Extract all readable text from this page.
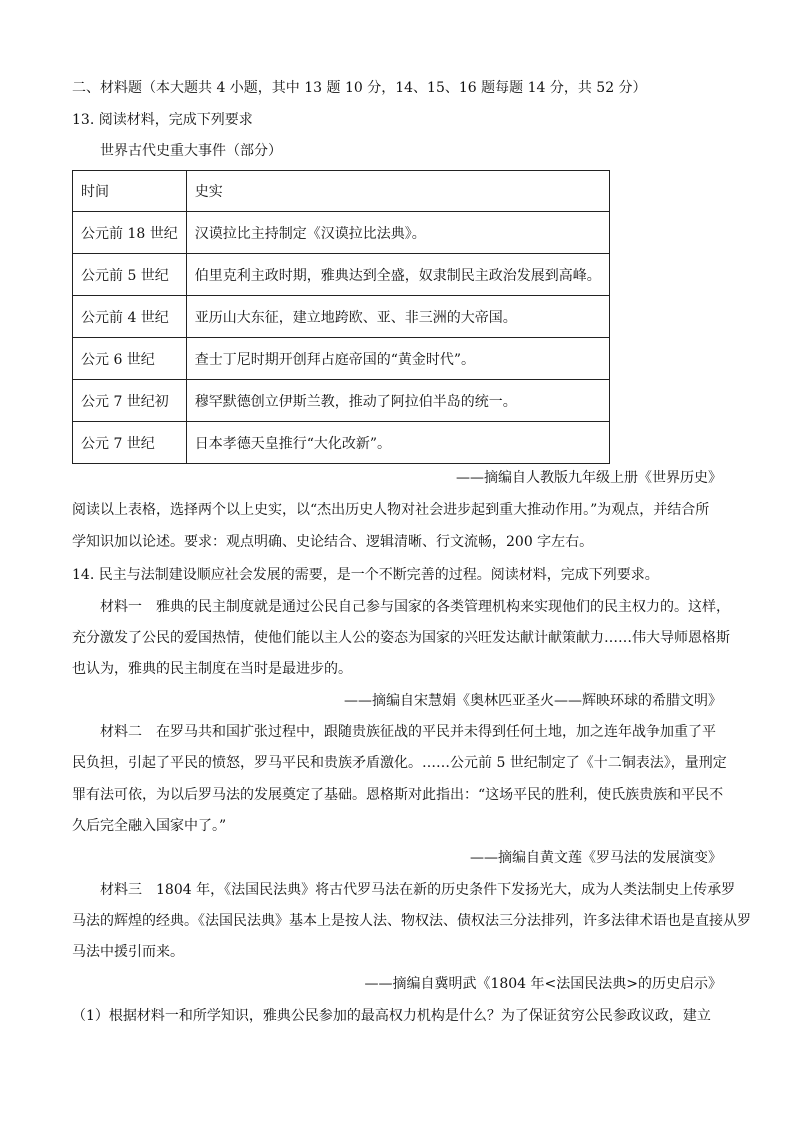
二、材料题（本大题共 4 小题，其中 13 题 10 分，14、15、16 题每题 14 分，共 52 分）
13. 阅读材料，完成下列要求
世界古代史重大事件（部分）
时间	史实
公元前 18 世纪	汉谟拉比主持制定《汉谟拉比法典》。
公元前 5 世纪	伯里克利主政时期，雅典达到全盛，奴隶制民主政治发展到高峰。
公元前 4 世纪	亚历山大东征，建立地跨欧、亚、非三洲的大帝国。
公元 6 世纪	查士丁尼时期开创拜占庭帝国的“黄金时代”。
公元 7 世纪初	穆罕默德创立伊斯兰教，推动了阿拉伯半岛的统一。
公元 7 世纪	日本孝德天皇推行“大化改新”。
——摘编自人教版九年级上册《世界历史》
阅读以上表格，选择两个以上史实，以“杰出历史人物对社会进步起到重大推动作用。”为观点，并结合所
学知识加以论述。要求：观点明确、史论结合、逻辑清晰、行文流畅，200 字左右。
14. 民主与法制建设顺应社会发展的需要，是一个不断完善的过程。阅读材料，完成下列要求。
材料一　雅典的民主制度就是通过公民自己参与国家的各类管理机构来实现他们的民主权力的。这样，
充分激发了公民的爱国热情，使他们能以主人公的姿态为国家的兴旺发达献计献策献力……伟大导师恩格斯
也认为，雅典的民主制度在当时是最进步的。
——摘编自宋慧娟《奥林匹亚圣火——辉映环球的希腊文明》
材料二　在罗马共和国扩张过程中，跟随贵族征战的平民并未得到任何土地，加之连年战争加重了平
民负担，引起了平民的愤怒，罗马平民和贵族矛盾激化。……公元前 5 世纪制定了《十二铜表法》，量刑定
罪有法可依，为以后罗马法的发展奠定了基础。恩格斯对此指出：“这场平民的胜利，使氏族贵族和平民不
久后完全融入国家中了。”
——摘编自黄文莲《罗马法的发展演变》
材料三　1804 年，《法国民法典》将古代罗马法在新的历史条件下发扬光大，成为人类法制史上传承罗
马法的辉煌的经典。《法国民法典》基本上是按人法、物权法、债权法三分法排列，许多法律术语也是直接从罗
马法中援引而来。
——摘编自冀明武《1804 年<法国民法典>的历史启示》
（1）根据材料一和所学知识，雅典公民参加的最高权力机构是什么？为了保证贫穷公民参政议政，建立
